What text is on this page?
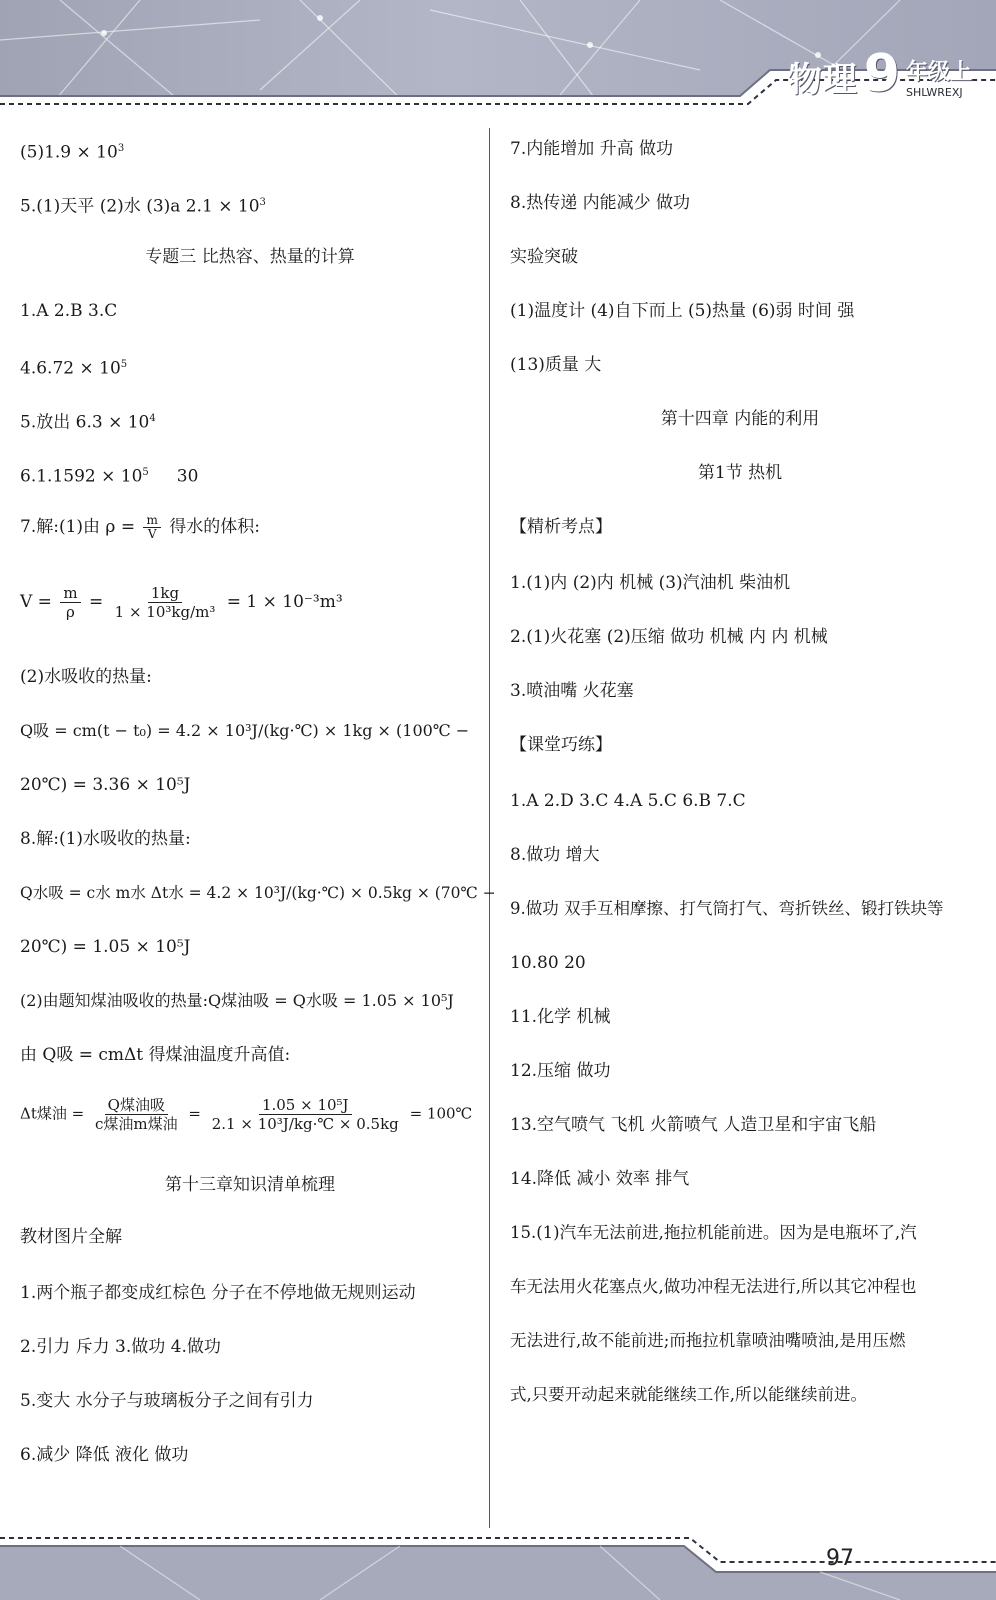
物理 9 年级上
SHLWREXJ
$(5)1.9 \times 10^3$
5.(1)天平 (2)水 (3)a $2.1 \times 10^3$
专题三 比热容、热量的计算
1.A 2.B 3.C
$4.6.72 \times 10^5$
5.放出 $6.3 \times 10^4$
$6.1.1592 \times 10^5$ 30
7.解:(1)由 $\rho = \frac{m}{V}$ 得水的体积:
$V = \frac{m}{\rho} = \frac{1kg}{\text{1 × 10³kg/m³}} = 1 \times 10^{-3}m^3$
(2)水吸收的热量:
Q吸 = cm(t − t₀) = 4.2 × 10³J/(kg·℃) × 1kg × (100℃ −
20℃) = 3.36 × 10⁵J
8.解:(1)水吸收的热量:
Q水吸 = c水 m水 Δt水 = 4.2 × 10³J/(kg·℃) × 0.5kg × (70℃ −
20℃) = 1.05 × 10⁵J
(2)由题知煤油吸收的热量:Q煤油吸 = Q水吸 = 1.05 × 10⁵J
由 Q吸 = cmΔt 得煤油温度升高值:
Δt煤油 = $\frac{\text{Q煤油吸}}{\text{c煤油m煤油}} = \frac{\text{1.05 × 10⁵J}}{\text{2.1 × 10³J/kg·℃ × 0.5kg}}$ = 100℃
第十三章知识清单梳理
教材图片全解
1.两个瓶子都变成红棕色 分子在不停地做无规则运动
2.引力 斥力 3.做功 4.做功
5.变大 水分子与玻璃板分子之间有引力
6.减少 降低 液化 做功
7.内能增加 升高 做功
8.热传递 内能减少 做功
实验突破
(1)温度计 (4)自下而上 (5)热量 (6)弱 时间 强
(13)质量 大
第十四章 内能的利用
第1节 热机
【精析考点】
1.(1)内 (2)内 机械 (3)汽油机 柴油机
2.(1)火花塞 (2)压缩 做功 机械 内 内 机械
3.喷油嘴 火花塞
【课堂巧练】
1.A 2.D 3.C 4.A 5.C 6.B 7.C
8.做功 增大
9.做功 双手互相摩擦、打气筒打气、弯折铁丝、锻打铁块等
10.80 20
11.化学 机械
12.压缩 做功
13.空气喷气 飞机 火箭喷气 人造卫星和宇宙飞船
14.降低 减小 效率 排气
15.(1)汽车无法前进,拖拉机能前进。因为是电瓶坏了,汽
车无法用火花塞点火,做功冲程无法进行,所以其它冲程也
无法进行,故不能前进;而拖拉机靠喷油嘴喷油,是用压燃
式,只要开动起来就能继续工作,所以能继续前进。
97
